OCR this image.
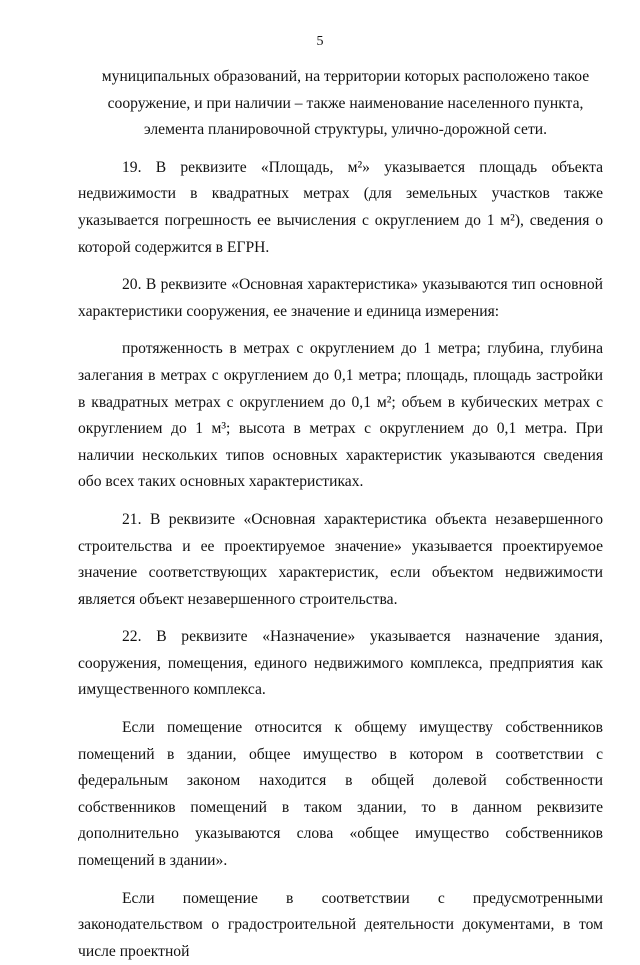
5

муниципальных образований, на территории которых расположено такое сооружение, и при наличии – также наименование населенного пункта, элемента планировочной структуры, улично-дорожной сети.

19. В реквизите «Площадь, м²» указывается площадь объекта недвижимости в квадратных метрах (для земельных участков также указывается погрешность ее вычисления с округлением до 1 м²), сведения о которой содержится в ЕГРН.

20. В реквизите «Основная характеристика» указываются тип основной характеристики сооружения, ее значение и единица измерения:

протяженность в метрах с округлением до 1 метра; глубина, глубина залегания в метрах с округлением до 0,1 метра; площадь, площадь застройки в квадратных метрах с округлением до 0,1 м²; объем в кубических метрах с округлением до 1 м³; высота в метрах с округлением до 0,1 метра. При наличии нескольких типов основных характеристик указываются сведения обо всех таких основных характеристиках.

21. В реквизите «Основная характеристика объекта незавершенного строительства и ее проектируемое значение» указывается проектируемое значение соответствующих характеристик, если объектом недвижимости является объект незавершенного строительства.

22. В реквизите «Назначение» указывается назначение здания, сооружения, помещения, единого недвижимого комплекса, предприятия как имущественного комплекса.

Если помещение относится к общему имуществу собственников помещений в здании, общее имущество в котором в соответствии с федеральным законом находится в общей долевой собственности собственников помещений в таком здании, то в данном реквизите дополнительно указываются слова «общее имущество собственников помещений в здании».

Если помещение в соответствии с предусмотренными законодательством о градостроительной деятельности документами, в том числе проектной
